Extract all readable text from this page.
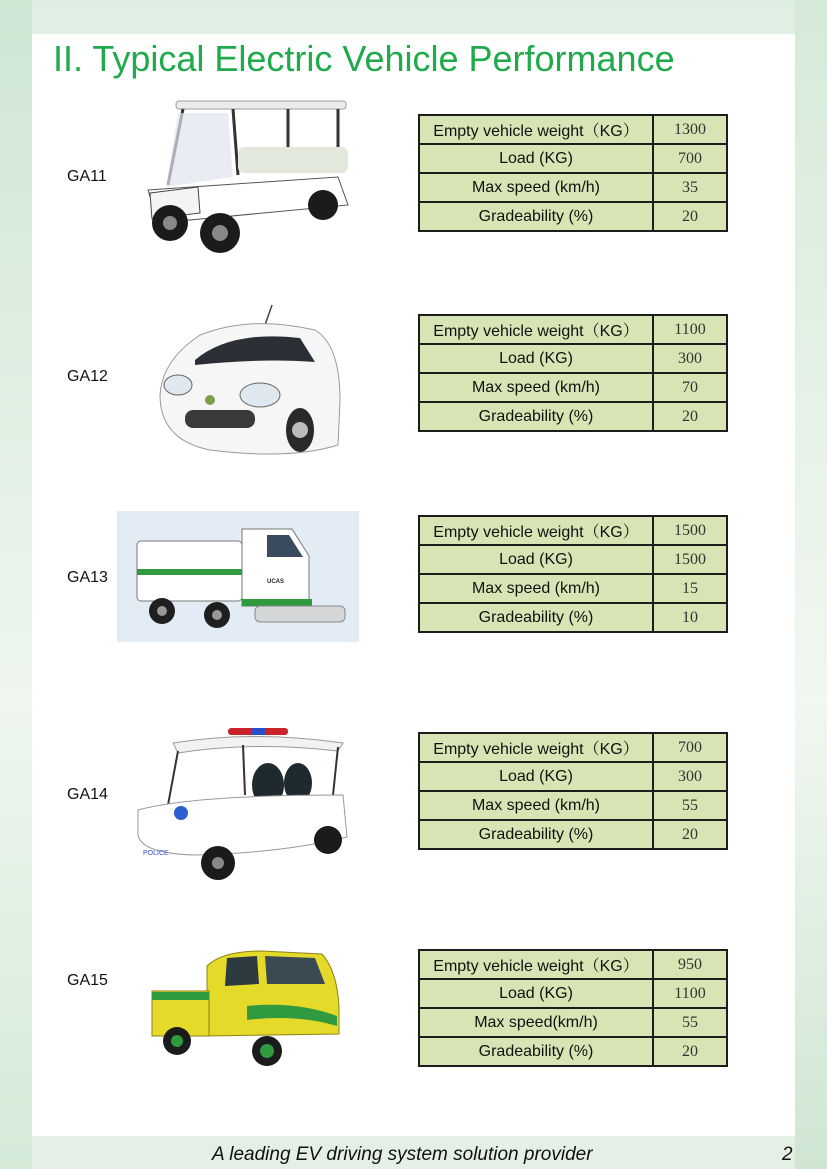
II. Typical Electric Vehicle Performance
GA11
Empty vehicle weight（KG）	1300
Load (KG)	700
Max speed (km/h)	35
Gradeability (%)	20
GA12
Empty vehicle weight（KG）	1100
Load (KG)	300
Max speed (km/h)	70
Gradeability (%)	20
GA13	UCAS
Empty vehicle weight（KG）	1500
Load (KG)	1500
Max speed (km/h)	15
Gradeability (%)	10
GA14
POLICE
Empty vehicle weight（KG）	700
Load (KG)	300
Max speed (km/h)	55
Gradeability (%)	20
GA15
Empty vehicle weight（KG）	950
Load (KG)	1100
Max speed(km/h)	55
Gradeability (%)	20
A leading EV driving system solution provider	2
